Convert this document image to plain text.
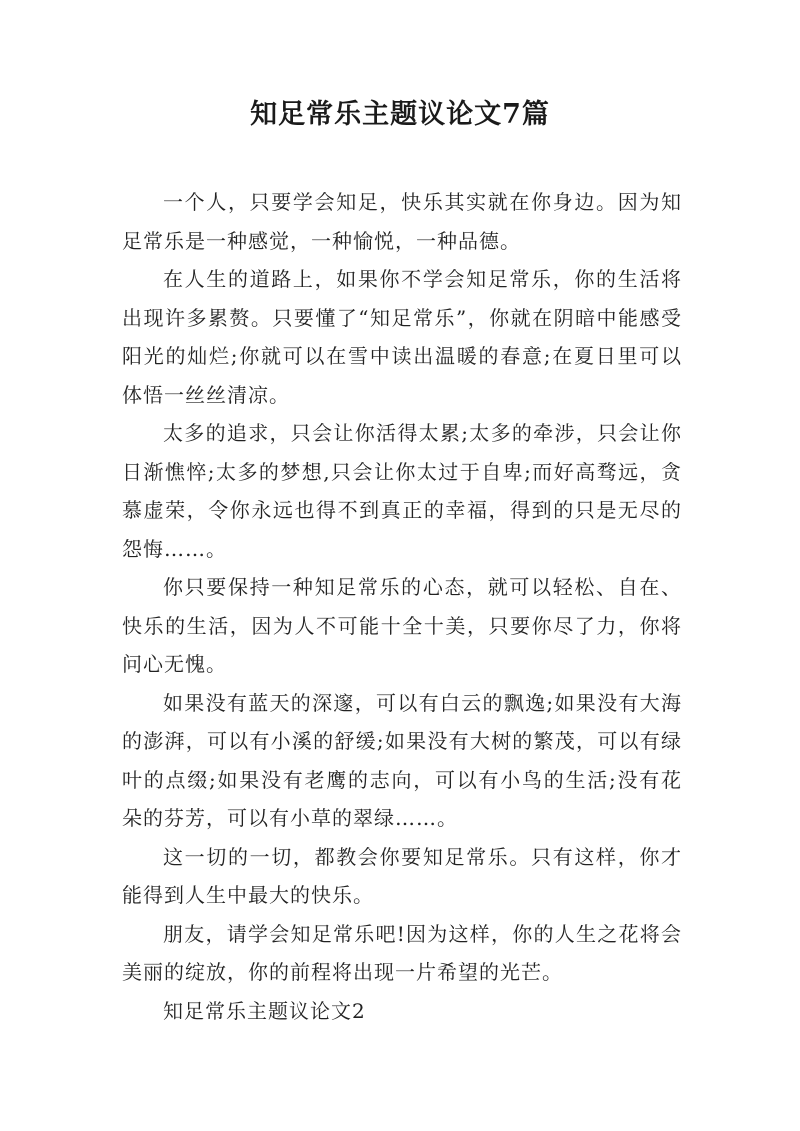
知足常乐主题议论文7篇

一个人，只要学会知足，快乐其实就在你身边。因为知足常乐是一种感觉，一种愉悦，一种品德。

在人生的道路上，如果你不学会知足常乐，你的生活将出现许多累赘。只要懂了“知足常乐”，你就在阴暗中能感受阳光的灿烂;你就可以在雪中读出温暖的春意;在夏日里可以体悟一丝丝清凉。

太多的追求，只会让你活得太累;太多的牵涉，只会让你日渐憔悴;太多的梦想,只会让你太过于自卑;而好高骛远，贪慕虚荣，令你永远也得不到真正的幸福，得到的只是无尽的怨悔……。

你只要保持一种知足常乐的心态，就可以轻松、自在、快乐的生活，因为人不可能十全十美，只要你尽了力，你将问心无愧。

如果没有蓝天的深邃，可以有白云的飘逸;如果没有大海的澎湃，可以有小溪的舒缓;如果没有大树的繁茂，可以有绿叶的点缀;如果没有老鹰的志向，可以有小鸟的生活;没有花朵的芬芳，可以有小草的翠绿……。

这一切的一切，都教会你要知足常乐。只有这样，你才能得到人生中最大的快乐。

朋友，请学会知足常乐吧!因为这样，你的人生之花将会美丽的绽放，你的前程将出现一片希望的光芒。

知足常乐主题议论文2
